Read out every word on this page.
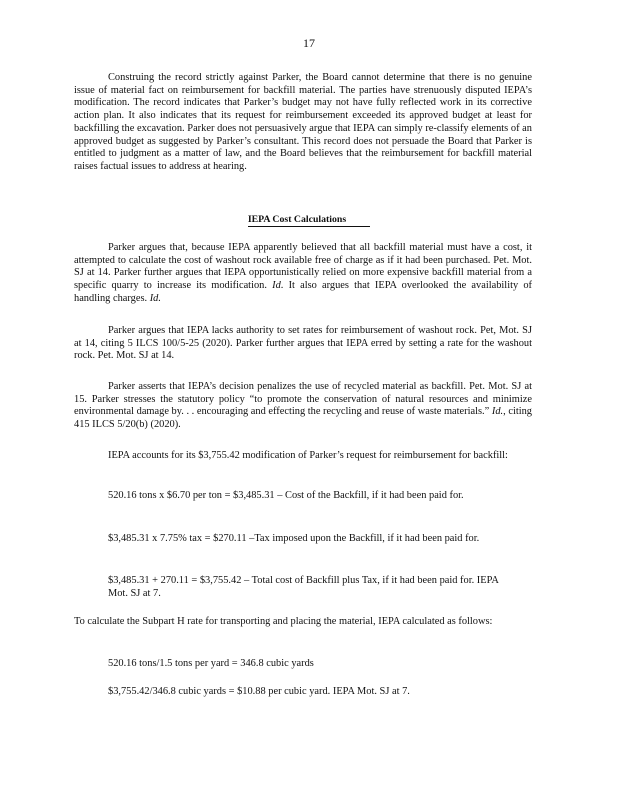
17

Construing the record strictly against Parker, the Board cannot determine that there is no genuine issue of material fact on reimbursement for backfill material. The parties have strenuously disputed IEPA’s modification. The record indicates that Parker’s budget may not have fully reflected work in its corrective action plan. It also indicates that its request for reimbursement exceeded its approved budget at least for backfilling the excavation. Parker does not persuasively argue that IEPA can simply re-classify elements of an approved budget as suggested by Parker’s consultant. This record does not persuade the Board that Parker is entitled to judgment as a matter of law, and the Board believes that the reimbursement for backfill material raises factual issues to address at hearing.

IEPA Cost Calculations

Parker argues that, because IEPA apparently believed that all backfill material must have a cost, it attempted to calculate the cost of washout rock available free of charge as if it had been purchased. Pet. Mot. SJ at 14. Parker further argues that IEPA opportunistically relied on more expensive backfill material from a specific quarry to increase its modification. Id. It also argues that IEPA overlooked the availability of handling charges. Id.

Parker argues that IEPA lacks authority to set rates for reimbursement of washout rock. Pet, Mot. SJ at 14, citing 5 ILCS 100/5-25 (2020). Parker further argues that IEPA erred by setting a rate for the washout rock. Pet. Mot. SJ at 14.

Parker asserts that IEPA’s decision penalizes the use of recycled material as backfill. Pet. Mot. SJ at 15. Parker stresses the statutory policy “to promote the conservation of natural resources and minimize environmental damage by. . . encouraging and effecting the recycling and reuse of waste materials.” Id., citing 415 ILCS 5/20(b) (2020).

IEPA accounts for its $3,755.42 modification of Parker’s request for reimbursement for backfill:

520.16 tons x $6.70 per ton = $3,485.31 – Cost of the Backfill, if it had been paid for.
$3,485.31 x 7.75% tax = $270.11 –Tax imposed upon the Backfill, if it had been paid for.
$3,485.31 + 270.11 = $3,755.42 – Total cost of Backfill plus Tax, if it had been paid for. IEPA Mot. SJ at 7.

To calculate the Subpart H rate for transporting and placing the material, IEPA calculated as follows:

520.16 tons/1.5 tons per yard = 346.8 cubic yards
$3,755.42/346.8 cubic yards = $10.88 per cubic yard. IEPA Mot. SJ at 7.
